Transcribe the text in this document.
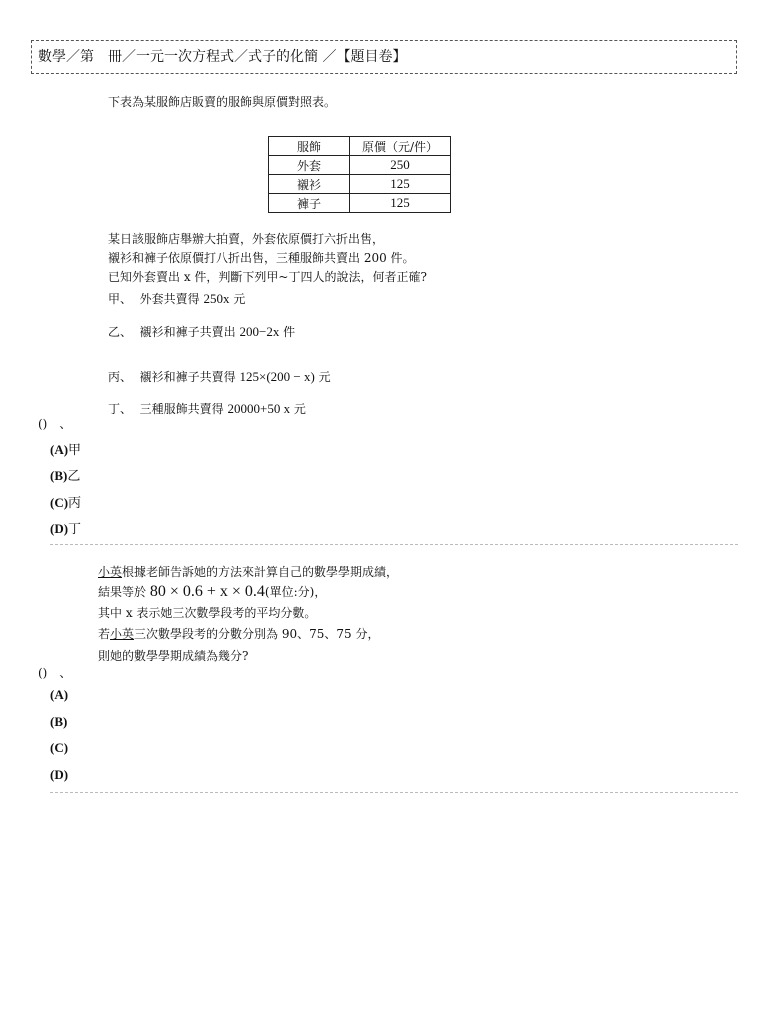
數學／第　冊／一元一次方程式／式子的化簡 ／【題目卷】
下表為某服飾店販賣的服飾與原價對照表。
服飾	原價（元/件）
外套	250
襯衫	125
褲子	125
某日該服飾店舉辦大拍賣，外套依原價打六折出售，
襯衫和褲子依原價打八折出售，三種服飾共賣出 200 件。
已知外套賣出 x 件，判斷下列甲~丁四人的說法，何者正確?
甲、 外套共賣得 250x 元
乙、 襯衫和褲子共賣出 200−2x 件
丙、 襯衫和褲子共賣得 125×(200 − x) 元
丁、 三種服飾共賣得 20000+50 x 元
()　、
(A)甲
(B)乙
(C)丙
(D)丁
小英根據老師告訴她的方法來計算自己的數學學期成績，
結果等於 80 × 0.6 + x × 0.4(單位:分)，
其中 x 表示她三次數學段考的平均分數。
若小英三次數學段考的分數分別為 90、75、75 分，
則她的數學學期成績為幾分?
()　、
(A)
(B)
(C)
(D)
